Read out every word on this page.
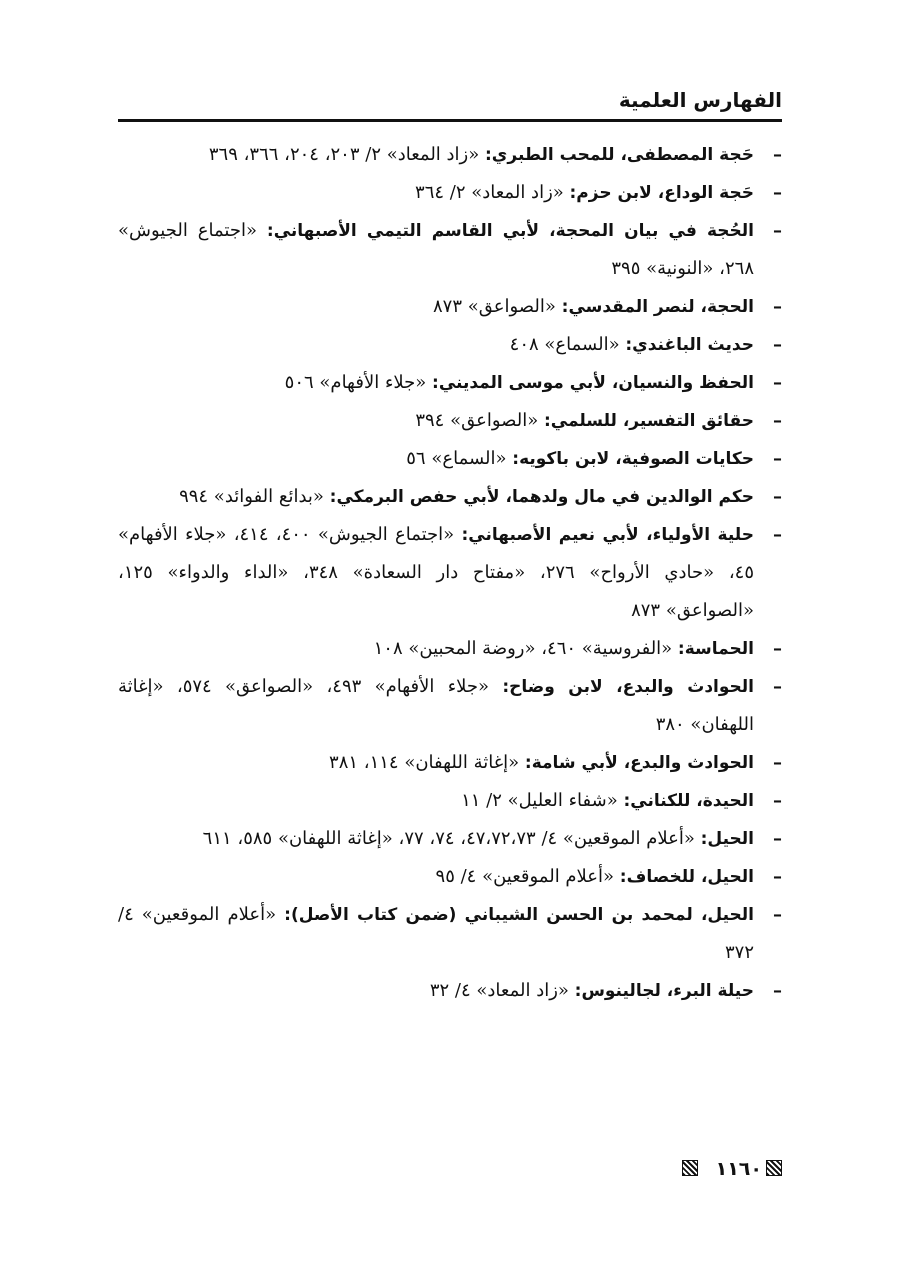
الفهارس العلمية
–
حَجة المصطفى، للمحب الطبري: «زاد المعاد» ٢/ ٢٠٣، ٢٠٤، ٣٦٦، ٣٦٩
–
حَجة الوداع، لابن حزم: «زاد المعاد» ٢/ ٣٦٤
–
الحُجة في بيان المحجة، لأبي القاسم التيمي الأصبهاني: «اجتماع الجيوش» ٢٦٨، «النونية» ٣٩٥
–
الحجة، لنصر المقدسي: «الصواعق» ٨٧٣
–
حديث الباغندي: «السماع» ٤٠٨
–
الحفظ والنسيان، لأبي موسى المديني: «جلاء الأفهام» ٥٠٦
–
حقائق التفسير، للسلمي: «الصواعق» ٣٩٤
–
حكايات الصوفية، لابن باكويه: «السماع» ٥٦
–
حكم الوالدين في مال ولدهما، لأبي حفص البرمكي: «بدائع الفوائد» ٩٩٤
–
حلية الأولياء، لأبي نعيم الأصبهاني: «اجتماع الجيوش» ٤٠٠، ٤١٤، «جلاء الأفهام» ٤٥، «حادي الأرواح» ٢٧٦، «مفتاح دار السعادة» ٣٤٨، «الداء والدواء» ١٢٥، «الصواعق» ٨٧٣
–
الحماسة: «الفروسية» ٤٦٠، «روضة المحبين» ١٠٨
–
الحوادث والبدع، لابن وضاح: «جلاء الأفهام» ٤٩٣، «الصواعق» ٥٧٤، «إغاثة اللهفان» ٣٨٠
–
الحوادث والبدع، لأبي شامة: «إغاثة اللهفان» ١١٤، ٣٨١
–
الحيدة، للكناني: «شفاء العليل» ٢/ ١١
–
الحيل: «أعلام الموقعين» ٤/ ٤٧،٧٢،٧٣، ٧٤، ٧٧، «إغاثة اللهفان» ٥٨٥، ٦١١
–
الحيل، للخصاف: «أعلام الموقعين» ٤/ ٩٥
–
الحيل، لمحمد بن الحسن الشيباني (ضمن كتاب الأصل): «أعلام الموقعين» ٤/ ٣٧٢
–
حيلة البرء، لجالينوس: «زاد المعاد» ٤/ ٣٢
١١٦٠
